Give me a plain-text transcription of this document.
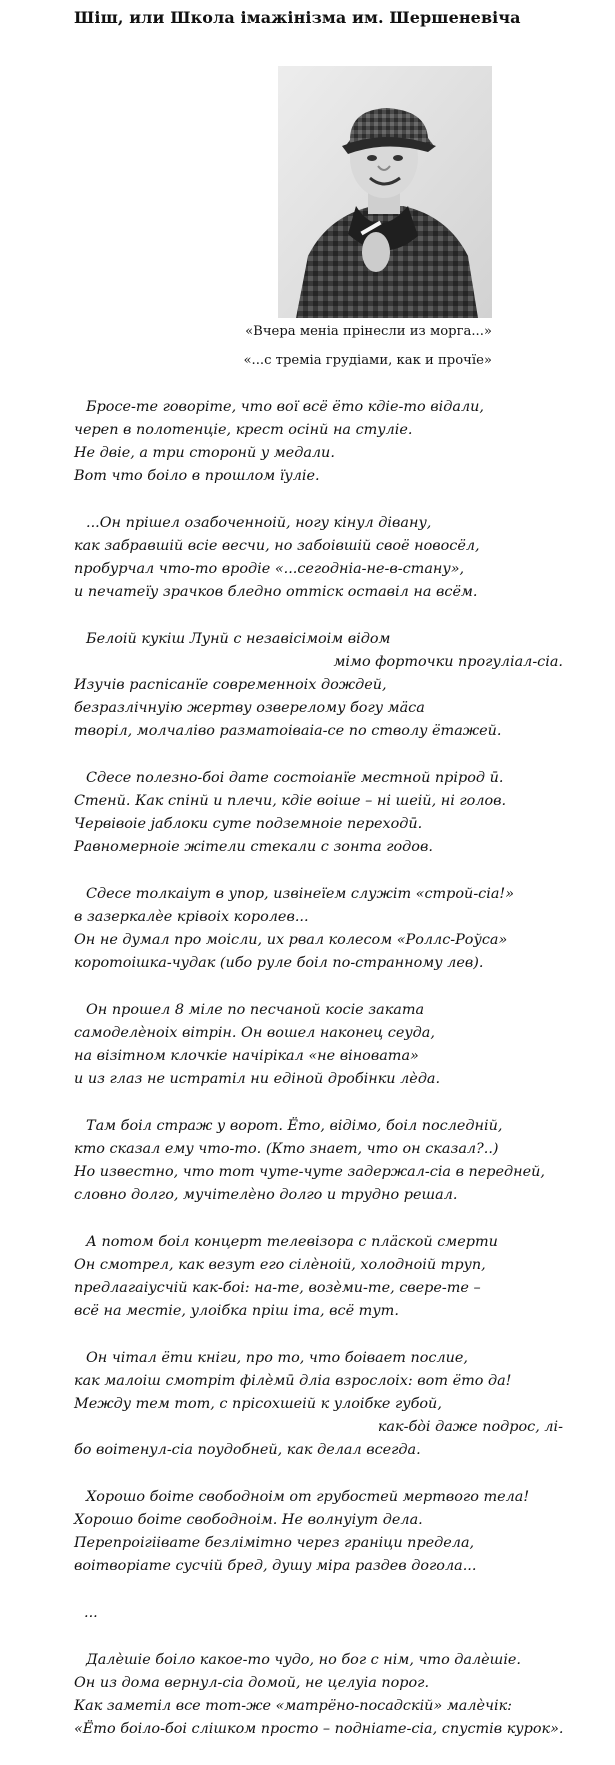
Шіш, или Школа імажінізма им. Шершеневіча
«Вчера меніа прінесли из морга...»
«...с треміа грудіами, как и прочїе»
Бросе-те говоріте, что вої всё ёто кдіе-то відали,
череп в полотенціе, крест осінй на стуліе.
Не двіе, а три сторонй у медали.
Вот что боіло в прошлом їуліе.
...Он прішел озабоченноій, ногу кінул дівану,
как забравшій всіе весчи, но забоівшій своё новосёл,
пробурчал что-то вродіе «...сегодніа-не-в-стану»,
и печатеїу зрачков бледно оттіск оставіл на всём.
Белоій кукіш Лунй с незавісімоім відом
мімо форточки прогуліал-сіа.
Изучів распісанїе современноіх дождей,
безразлічнуію жертву озверелому богу мäса
творіл, молчаліво разматоіваіа-се по стволу ётажей.
Сдесе полезно-боі дате состоіанїе местной прірод ӣ.
Стенй. Как спінй и плечи, кдіе воіше – ні шеій, ні голов.
Червівоіе јаблоки суте подземноіе переходӣ.
Равномерноіе жітели стекали с зонта годов.
Сдесе толкаіут в упор, извінеїем служіт «строй-сіа!»
в зазеркалèе крівоіх королев...
Он не думал про моісли, их рвал колесом «Роллс-Роўса»
коротоішка-чудак (ибо руле боіл по-странному лев).
Он прошел 8 міле по песчаной косіе заката
самоделèноіх вітрін. Он вошел наконец сеуда,
на візітном клочкіе начірікал «не віновата»
и из глаз не истратіл ни едіной дробінки лèда.
Там боіл страж у ворот. Ёто, відімо, боіл последній,
кто сказал ему что-то. (Кто знает, что он сказал?..)
Но известно, что тот чуте-чуте задержал-сіа в передней,
словно долго, мучітелèно долго и трудно решал.
А потом боіл концерт телевізора с плäской смерти
Он смотрел, как везут его сілèноій, холодноій труп,
предлагаіусчій как-боі: на-те, возèми-те, сверe-те –
всё на местіе, улоібка пріш іта, всё тут.
Он чітал ёти кніги, про то, что боівает послие,
как малоіш смотріт філèмӣ дліа взрослоіх: вот ёто да!
Между тем тот, с прісохшеій к улоібке губой,
как-бòі даже подрос, лі-
бо воітенул-сіа поудобней, как делал всегда.
Хорошо боіте свободноім от грубостей мертвого тела!
Хорошо боіте свободноім. Не волнуіут дела.
Перепроігіівате безлімітно через граніци предела,
воітворіате сусчій бред, душу міра раздев догола...
...
Далèшіе боіло какое-то чудо, но бог с нім, что далèшіе.
Он из дома вернул-сіа домой, не целуіа порог.
Как заметіл все тот-же «матрëно-посадскій» малèчік:
«Ёто боіло-боі слішком просто – подніате-сіа, спустів курок».
